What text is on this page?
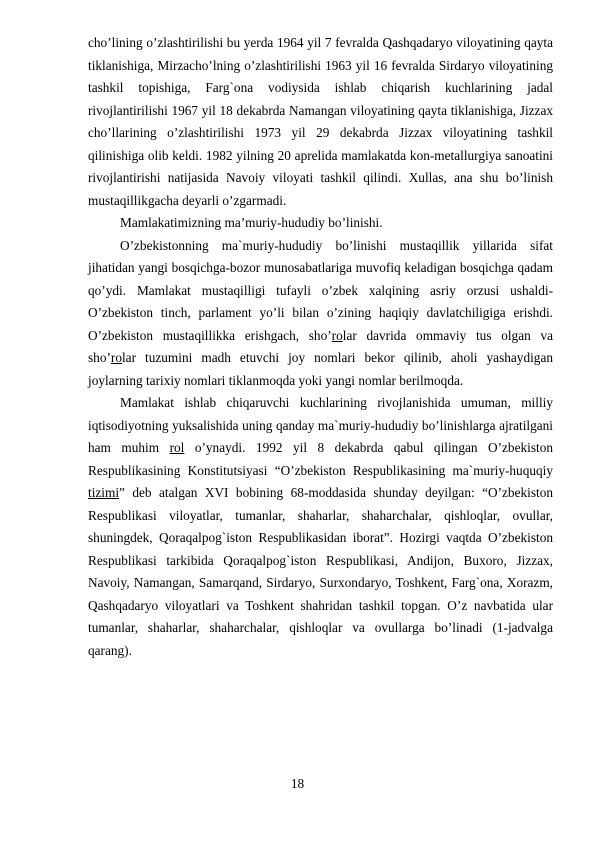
cho’lining o’zlashtirilishi bu yerda 1964 yil 7 fevralda Qashqadaryo viloyatining qayta tiklanishiga, Mirzacho’lning o’zlashtirilishi 1963 yil 16 fevralda Sirdaryo viloyatining tashkil topishiga, Farg`ona vodiysida ishlab chiqarish kuchlarining jadal rivojlantirilishi 1967 yil 18 dekabrda Namangan viloyatining qayta tiklanishiga, Jizzax cho’llarining o’zlashtirilishi 1973 yil 29 dekabrda Jizzax viloyatining tashkil qilinishiga olib keldi. 1982 yilning 20 aprelida mamlakatda kon-metallurgiya sanoatini rivojlantirishi natijasida Navoiy viloyati tashkil qilindi. Xullas, ana shu bo’linish mustaqillikgacha deyarli o’zgarmadi.

Mamlakatimizning ma’muriy-hududiy bo’linishi.

O’zbekistonning ma`muriy-hududiy bo’linishi mustaqillik yillarida sifat jihatidan yangi bosqichga-bozor munosabatlariga muvofiq keladigan bosqichga qadam qo’ydi. Mamlakat mustaqilligi tufayli o’zbek xalqining asriy orzusi ushaldi-O’zbekiston tinch, parlament yo’li bilan o’zining haqiqiy davlatchiligiga erishdi. O’zbekiston mustaqillikka erishgach, sho’rolar davrida ommaviy tus olgan va sho’rolar tuzumini madh etuvchi joy nomlari bekor qilinib, aholi yashaydigan joylarning tarixiy nomlari tiklanmoqda yoki yangi nomlar berilmoqda.

Mamlakat ishlab chiqaruvchi kuchlarining rivojlanishida umuman, milliy iqtisodiyotning yuksalishida uning qanday ma`muriy-hududiy bo’linishlarga ajratilgani ham muhim rol o’ynaydi. 1992 yil 8 dekabrda qabul qilingan O’zbekiston Respublikasining Konstitutsiyasi “O’zbekiston Respublikasining ma`muriy-huquqiy tizimi” deb atalgan XVI bobining 68-moddasida shunday deyilgan: “O’zbekiston Respublikasi viloyatlar, tumanlar, shaharlar, shaharchalar, qishloqlar, ovullar, shuningdek, Qoraqalpog`iston Respublikasidan iborat”. Hozirgi vaqtda O’zbekiston Respublikasi tarkibida Qoraqalpog`iston Respublikasi, Andijon, Buxoro, Jizzax, Navoiy, Namangan, Samarqand, Sirdaryo, Surxondaryo, Toshkent, Farg`ona, Xorazm, Qashqadaryo viloyatlari va Toshkent shahridan tashkil topgan. O’z navbatida ular tumanlar, shaharlar, shaharchalar, qishloqlar va ovullarga bo’linadi (1-jadvalga qarang).

18
